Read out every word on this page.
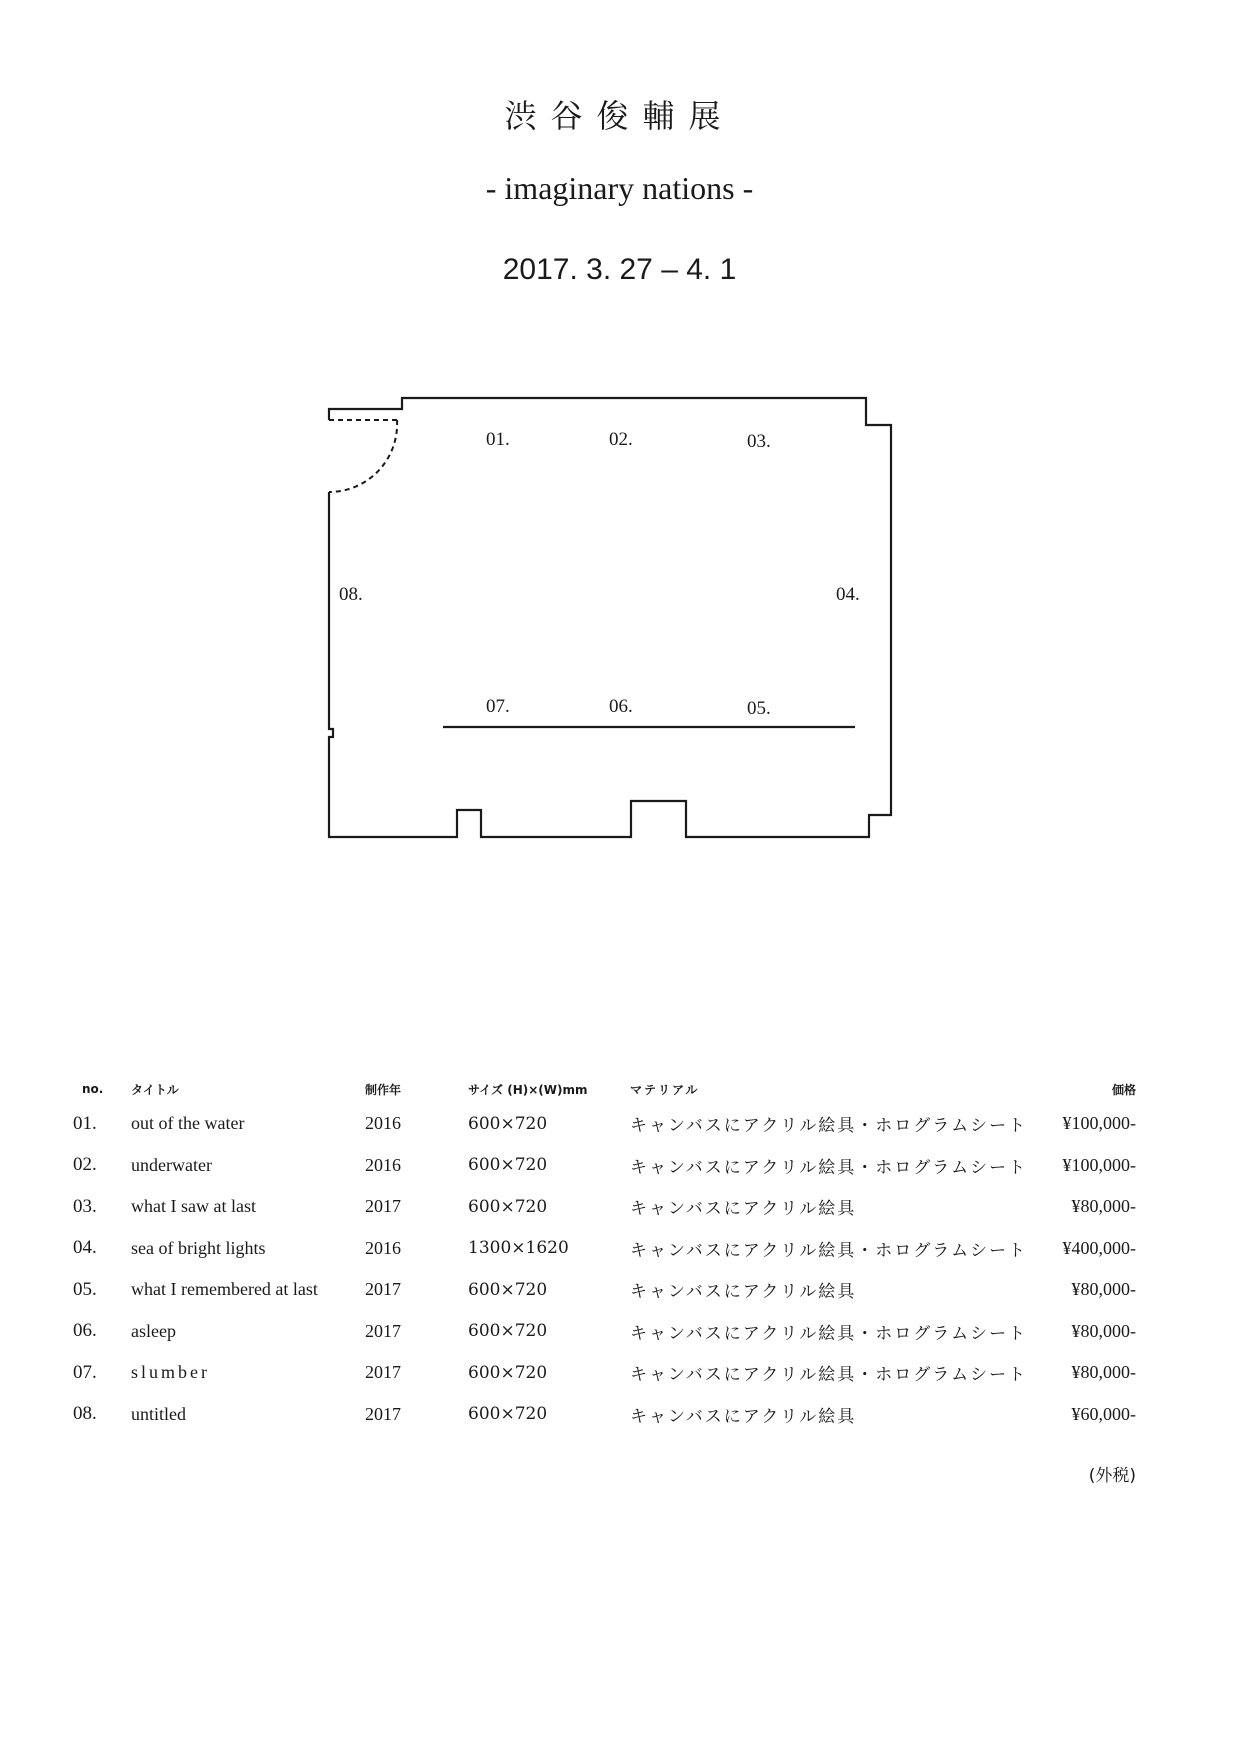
渋谷俊輔展
- imaginary nations -
2017. 3. 27 – 4. 1
01.	02.	03.
04.
05.
06.
07.
08.
no.	タイトル	制作年	サイズ (H)×(W)mm	マテリアル	価格
01.	out of the water	2016	600×720	キャンバスにアクリル絵具・ホログラムシート	¥100,000-
02.	underwater	2016	600×720	キャンバスにアクリル絵具・ホログラムシート	¥100,000-
03.	what I saw at last	2017	600×720	キャンバスにアクリル絵具	¥80,000-
04.	sea of bright lights	2016	1300×1620	キャンバスにアクリル絵具・ホログラムシート	¥400,000-
05.	what I remembered at last	2017	600×720	キャンバスにアクリル絵具	¥80,000-
06.	asleep	2017	600×720	キャンバスにアクリル絵具・ホログラムシート	¥80,000-
07.	slumber	2017	600×720	キャンバスにアクリル絵具・ホログラムシート	¥80,000-
08.	untitled	2017	600×720	キャンバスにアクリル絵具	¥60,000-
(外税)
